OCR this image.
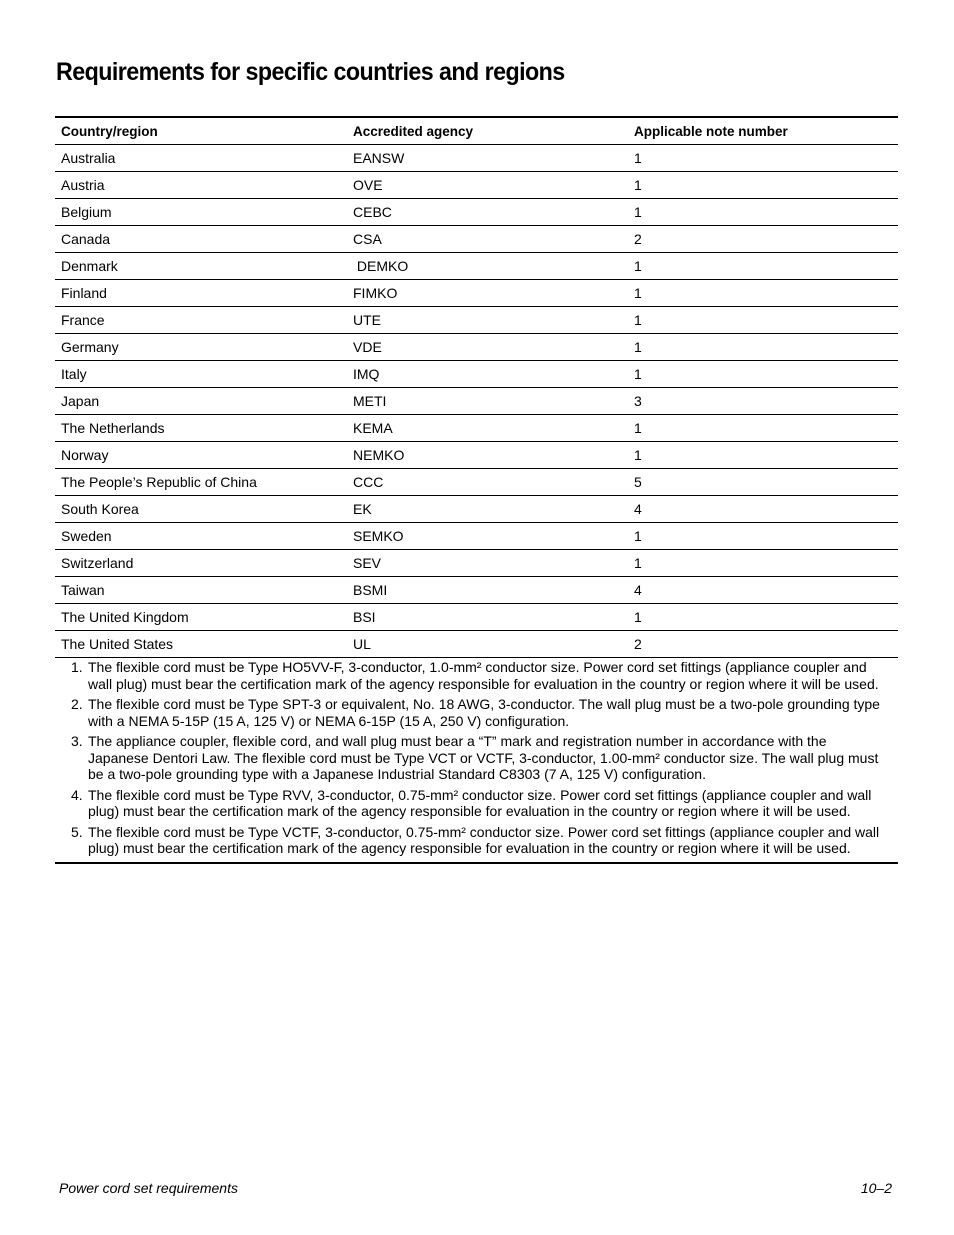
Requirements for specific countries and regions
Country/region	Accredited agency	Applicable note number
Australia	EANSW	1
Austria	OVE	1
Belgium	CEBC	1
Canada	CSA	2
Denmark	DEMKO	1
Finland	FIMKO	1
France	UTE	1
Germany	VDE	1
Italy	IMQ	1
Japan	METI	3
The Netherlands	KEMA	1
Norway	NEMKO	1
The People’s Republic of China	CCC	5
South Korea	EK	4
Sweden	SEMKO	1
Switzerland	SEV	1
Taiwan	BSMI	4
The United Kingdom	BSI	1
The United States	UL	2
1. The flexible cord must be Type HO5VV-F, 3-conductor, 1.0-mm² conductor size. Power cord set fittings (appliance coupler and wall plug) must bear the certification mark of the agency responsible for evaluation in the country or region where it will be used.
2. The flexible cord must be Type SPT-3 or equivalent, No. 18 AWG, 3-conductor. The wall plug must be a two-pole grounding type with a NEMA 5-15P (15 A, 125 V) or NEMA 6-15P (15 A, 250 V) configuration.
3. The appliance coupler, flexible cord, and wall plug must bear a “T” mark and registration number in accordance with the Japanese Dentori Law. The flexible cord must be Type VCT or VCTF, 3-conductor, 1.00-mm² conductor size. The wall plug must be a two-pole grounding type with a Japanese Industrial Standard C8303 (7 A, 125 V) configuration.
4. The flexible cord must be Type RVV, 3-conductor, 0.75-mm² conductor size. Power cord set fittings (appliance coupler and wall plug) must bear the certification mark of the agency responsible for evaluation in the country or region where it will be used.
5. The flexible cord must be Type VCTF, 3-conductor, 0.75-mm² conductor size. Power cord set fittings (appliance coupler and wall plug) must bear the certification mark of the agency responsible for evaluation in the country or region where it will be used.
Power cord set requirements	10–2
